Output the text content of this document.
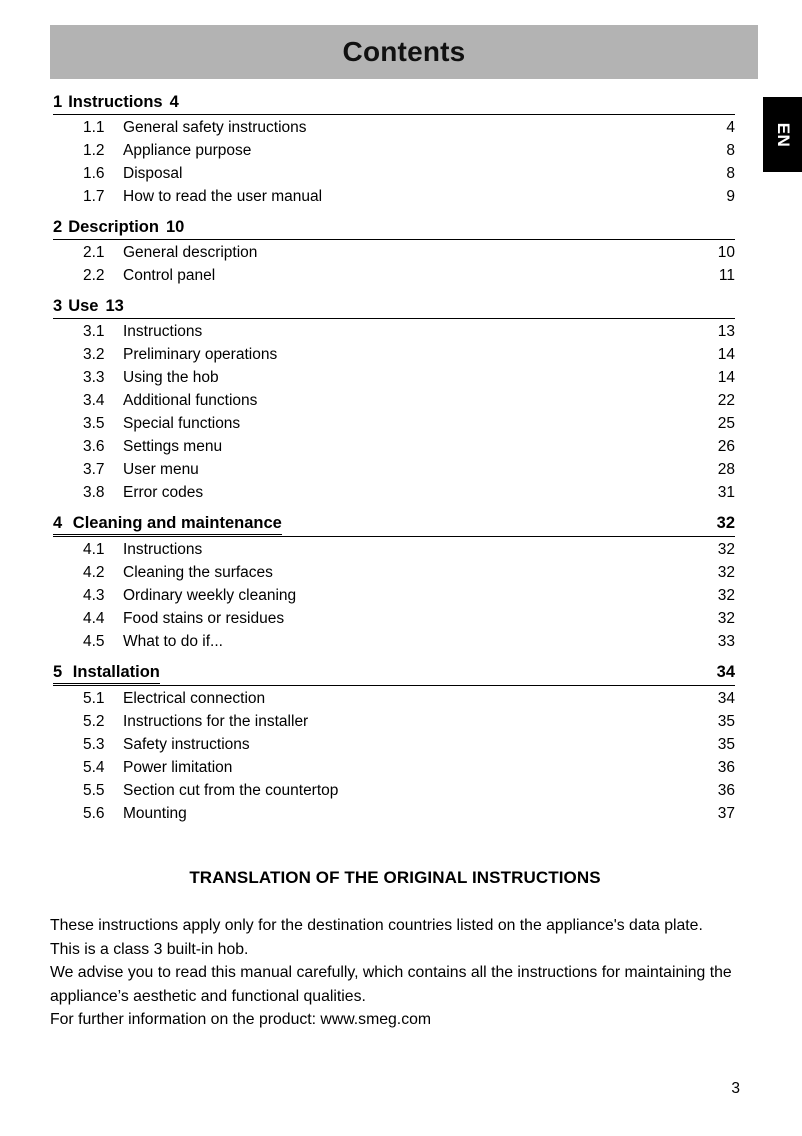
Contents
EN
1 Instructions 4
1.1	General safety instructions	4
1.2	Appliance purpose	8
1.6	Disposal	8
1.7	How to read the user manual	9
2 Description 10
2.1	General description	10
2.2	Control panel	11
3 Use 13
3.1	Instructions	13
3.2	Preliminary operations	14
3.3	Using the hob	14
3.4	Additional functions	22
3.5	Special functions	25
3.6	Settings menu	26
3.7	User menu	28
3.8	Error codes	31
4 Cleaning and maintenance	32
4.1	Instructions	32
4.2	Cleaning the surfaces	32
4.3	Ordinary weekly cleaning	32
4.4	Food stains or residues	32
4.5	What to do if...	33
5 Installation	34
5.1	Electrical connection	34
5.2	Instructions for the installer	35
5.3	Safety instructions	35
5.4	Power limitation	36
5.5	Section cut from the countertop	36
5.6	Mounting	37
TRANSLATION OF THE ORIGINAL INSTRUCTIONS

These instructions apply only for the destination countries listed on the appliance's data plate.

This is a class 3 built-in hob.

We advise you to read this manual carefully, which contains all the instructions for maintaining the appliance’s aesthetic and functional qualities.

For further information on the product: www.smeg.com

3
